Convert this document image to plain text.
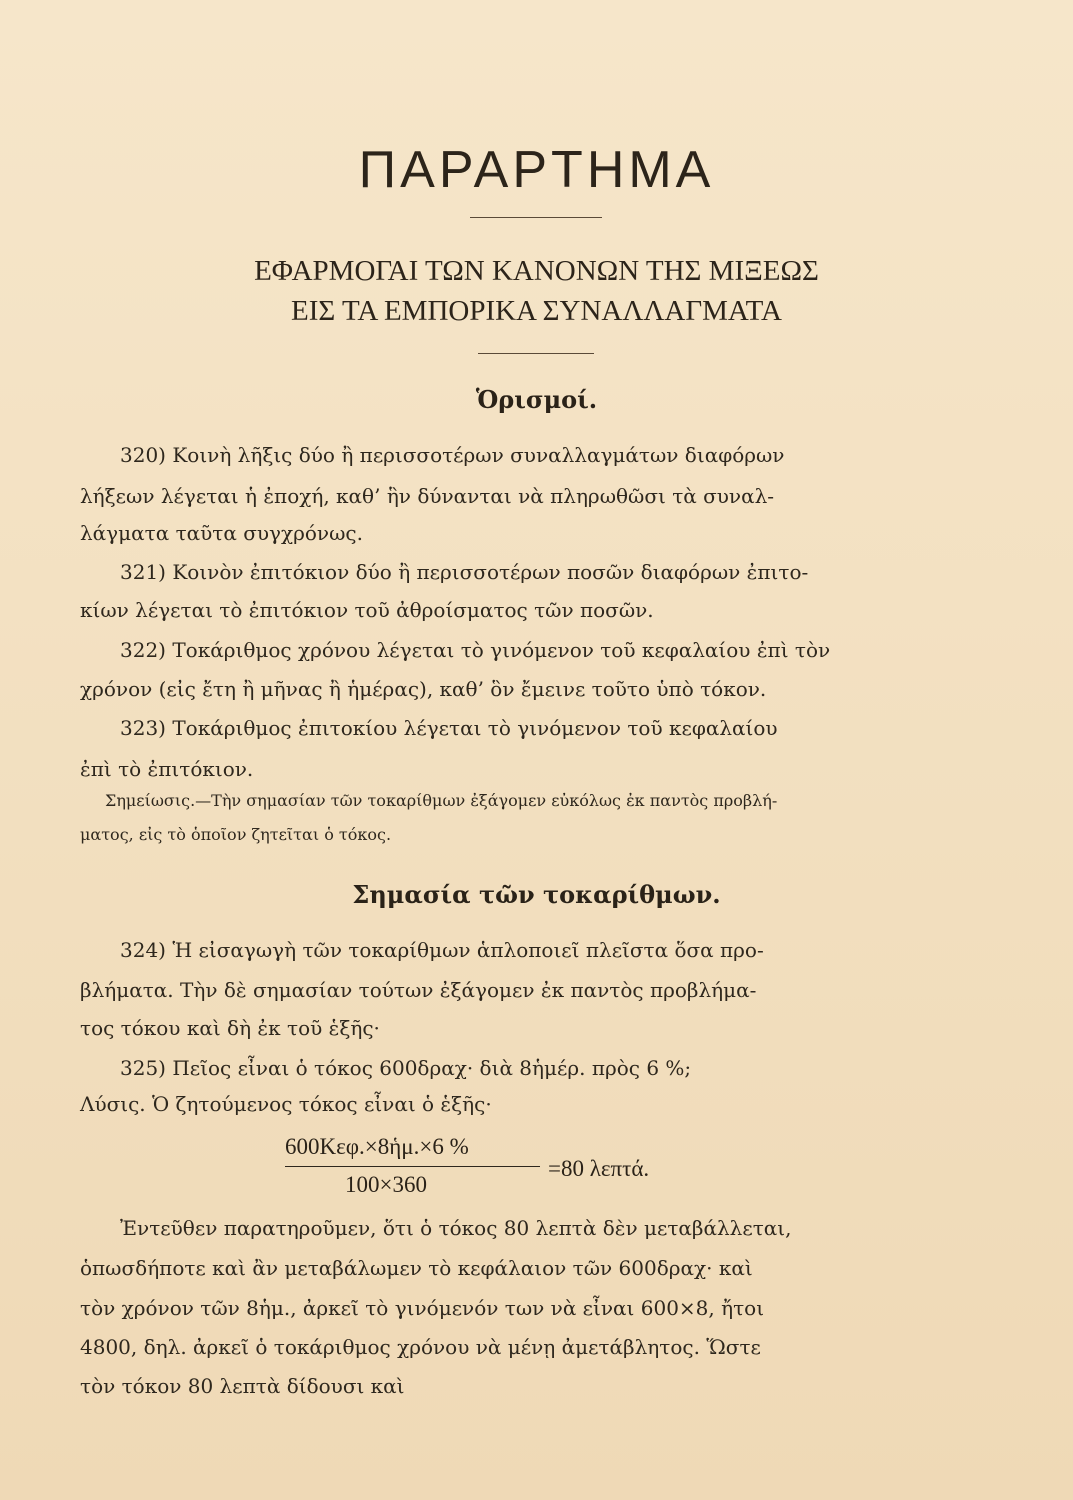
ΠΑΡΑΡΤΗΜΑ
ΕΦΑΡΜΟΓΑΙ ΤΩΝ ΚΑΝΟΝΩΝ ΤΗΣ ΜΙΞΕΩΣ
ΕΙΣ ΤΑ ΕΜΠΟΡΙΚΑ ΣΥΝΑΛΛΑΓΜΑΤΑ
Ὁρισμοί.
320) Κοινὴ λῆξις δύο ἢ περισσοτέρων συναλλαγμάτων διαφόρων
λήξεων λέγεται ἡ ἐποχή, καθ’ ἣν δύνανται νὰ πληρωθῶσι τὰ συναλ-
λάγματα ταῦτα συγχρόνως.
321) Κοινὸν ἐπιτόκιον δύο ἢ περισσοτέρων ποσῶν διαφόρων ἐπιτο-
κίων λέγεται τὸ ἐπιτόκιον τοῦ ἀθροίσματος τῶν ποσῶν.
322) Τοκάριθμος χρόνου λέγεται τὸ γινόμενον τοῦ κεφαλαίου ἐπὶ τὸν
χρόνον (εἰς ἔτη ἢ μῆνας ἢ ἡμέρας), καθ’ ὃν ἔμεινε τοῦτο ὑπὸ τόκον.
323) Τοκάριθμος ἐπιτοκίου λέγεται τὸ γινόμενον τοῦ κεφαλαίου
ἐπὶ τὸ ἐπιτόκιον.
Σημείωσις.—Τὴν σημασίαν τῶν τοκαρίθμων ἐξάγομεν εὐκόλως ἐκ παντὸς προβλή-
ματος, εἰς τὸ ὁποῖον ζητεῖται ὁ τόκος.
Σημασία τῶν τοκαρίθμων.
324) Ἡ εἰσαγωγὴ τῶν τοκαρίθμων ἁπλοποιεῖ πλεῖστα ὅσα προ-
βλήματα. Τὴν δὲ σημασίαν τούτων ἐξάγομεν ἐκ παντὸς προβλήμα-
τος τόκου καὶ δὴ ἐκ τοῦ ἑξῆς·
325) Πεῖος εἶναι ὁ τόκος 600δραχ· διὰ 8ἡμέρ. πρὸς 6 %;
Λύσις. Ὁ ζητούμενος τόκος εἶναι ὁ ἑξῆς·
600Κεφ.×8ἡμ.×6 %
100×360
=80 λεπτά.
Ἐντεῦθεν παρατηροῦμεν, ὅτι ὁ τόκος 80 λεπτὰ δὲν μεταβάλλεται,
ὁπωσδήποτε καὶ ἂν μεταβάλωμεν τὸ κεφάλαιον τῶν 600δραχ· καὶ
τὸν χρόνον τῶν 8ἡμ., ἀρκεῖ τὸ γινόμενόν των νὰ εἶναι 600×8, ἤτοι
4800, δηλ. ἀρκεῖ ὁ τοκάριθμος χρόνου νὰ μένῃ ἀμετάβλητος. Ὥστε
τὸν τόκον 80 λεπτὰ δίδουσι καὶ
